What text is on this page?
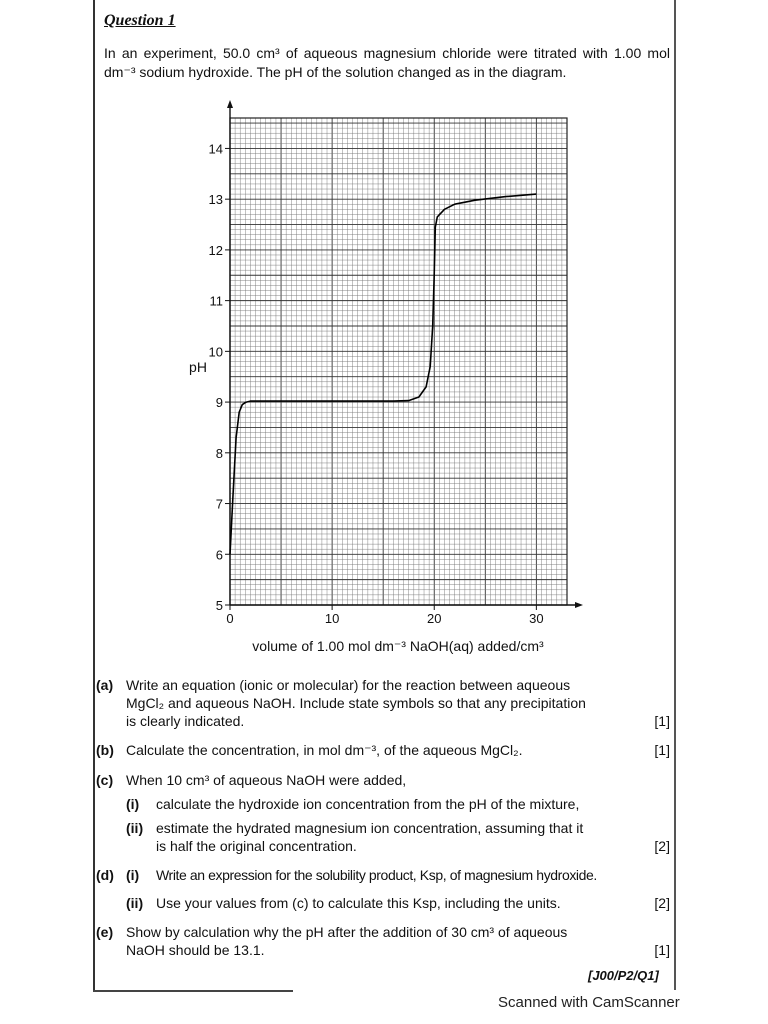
Question 1
In an experiment, 50.0 cm³ of aqueous magnesium chloride were titrated with 1.00 mol dm⁻³ sodium hydroxide. The pH of the solution changed as in the diagram.
5
6
7
8
9
10
11
12
13
14
0	10	20	30
pH
volume of 1.00 mol dm⁻³ NaOH(aq) added/cm³
(a) Write an equation (ionic or molecular) for the reaction between aqueous
MgCl₂ and aqueous NaOH. Include state symbols so that any precipitation
is clearly indicated.	[1]
(b) Calculate the concentration, in mol dm⁻³, of the aqueous MgCl₂.	[1]
(c) When 10 cm³ of aqueous NaOH were added,
(i) calculate the hydroxide ion concentration from the pH of the mixture,
(ii) estimate the hydrated magnesium ion concentration, assuming that it
is half the original concentration.	[2]
(d) (i) Write an expression for the solubility product, Ksp, of magnesium hydroxide.
(ii) Use your values from (c) to calculate this Ksp, including the units.	[2]
(e) Show by calculation why the pH after the addition of 30 cm³ of aqueous
NaOH should be 13.1.	[1]
[J00/P2/Q1]
Scanned with CamScanner
